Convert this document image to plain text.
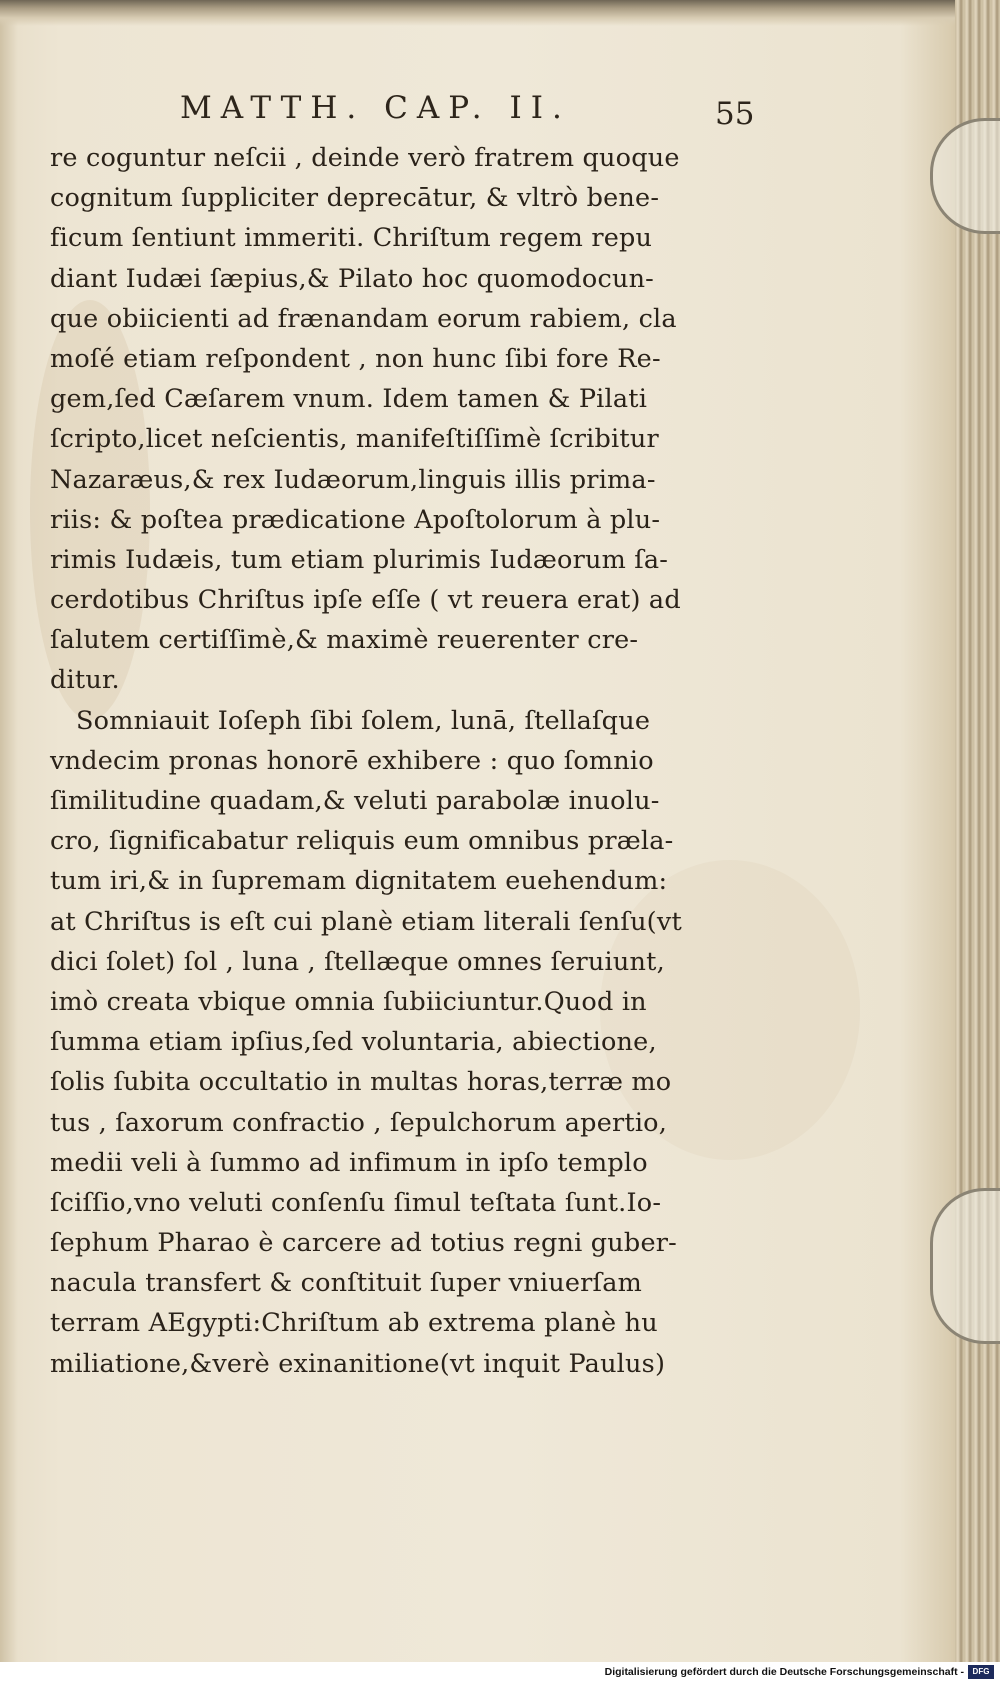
MATTH. CAP. II.	55
re coguntur neſcii , deinde verò fratrem quoque
cognitum ſuppliciter deprecātur, & vltrò bene-
ficum ſentiunt immeriti. Chriſtum regem repu
diant Iudæi ſæpius,& Pilato hoc quomodocun-
que obiicienti ad frænandam eorum rabiem, cla
moſé etiam reſpondent , non hunc ſibi fore Re-
gem,ſed Cæſarem vnum. Idem tamen & Pilati
ſcripto,licet neſcientis, manifeſtiſſimè ſcribitur
Nazaræus,& rex Iudæorum,linguis illis prima-
riis: & poſtea prædicatione Apoſtolorum à plu-
rimis Iudæis, tum etiam plurimis Iudæorum ſa-
cerdotibus Chriſtus ipſe eſſe ( vt reuera erat) ad
ſalutem certiſſimè,& maximè reuerenter cre-
ditur.
Somniauit Ioſeph ſibi ſolem, lunā, ſtellaſque
vndecim pronas honorē exhibere : quo ſomnio
ſimilitudine quadam,& veluti parabolæ inuolu-
cro, ſignificabatur reliquis eum omnibus præla-
tum iri,& in ſupremam dignitatem euehendum:
at Chriſtus is eſt cui planè etiam literali ſenſu(vt
dici ſolet) ſol , luna , ſtellæque omnes ſeruiunt,
imò creata vbique omnia ſubiiciuntur.Quod in
ſumma etiam ipſius,ſed voluntaria, abiectione,
ſolis ſubita occultatio in multas horas,terræ mo
tus , ſaxorum confractio , ſepulchorum apertio,
medii veli à ſummo ad infimum in ipſo templo
ſciſſio,vno veluti conſenſu ſimul teſtata ſunt.Io-
ſephum Pharao è carcere ad totius regni guber-
nacula transfert & conſtituit ſuper vniuerſam
terram AEgypti:Chriſtum ab extrema planè hu
miliatione,&verè exinanitione(vt inquit Paulus)
Digitalisierung gefördert durch die Deutsche Forschungsgemeinschaft -	DFG
